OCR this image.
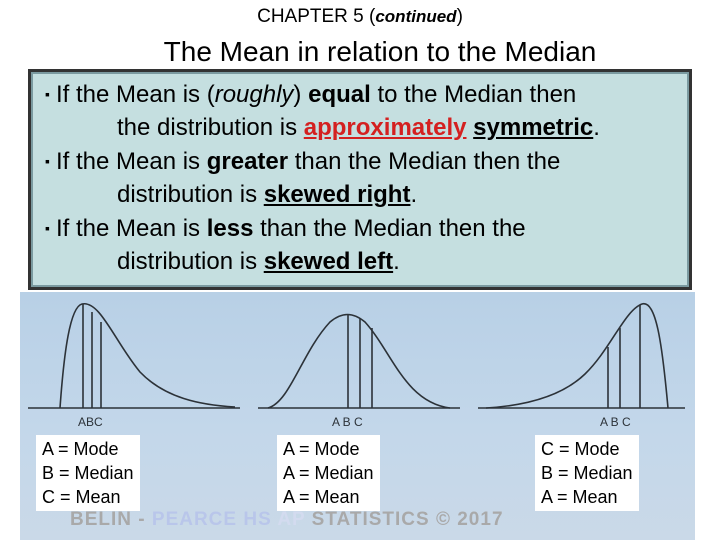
CHAPTER 5 (continued)
The Mean in relation to the Median
▪ If the Mean is (roughly) equal to the Median then
the distribution is approximately symmetric.
▪ If the Mean is greater than the Median then the
distribution is skewed right.
▪ If the Mean is less than the Median then the
distribution is skewed left.
ABC	A B C	A B C
A = Mode
B = Median
C = Mean
A = Mode
A = Median
A = Mean
C = Mode
B = Median
A = Mean
BELIN - PEARCE HS AP STATISTICS © 2017
